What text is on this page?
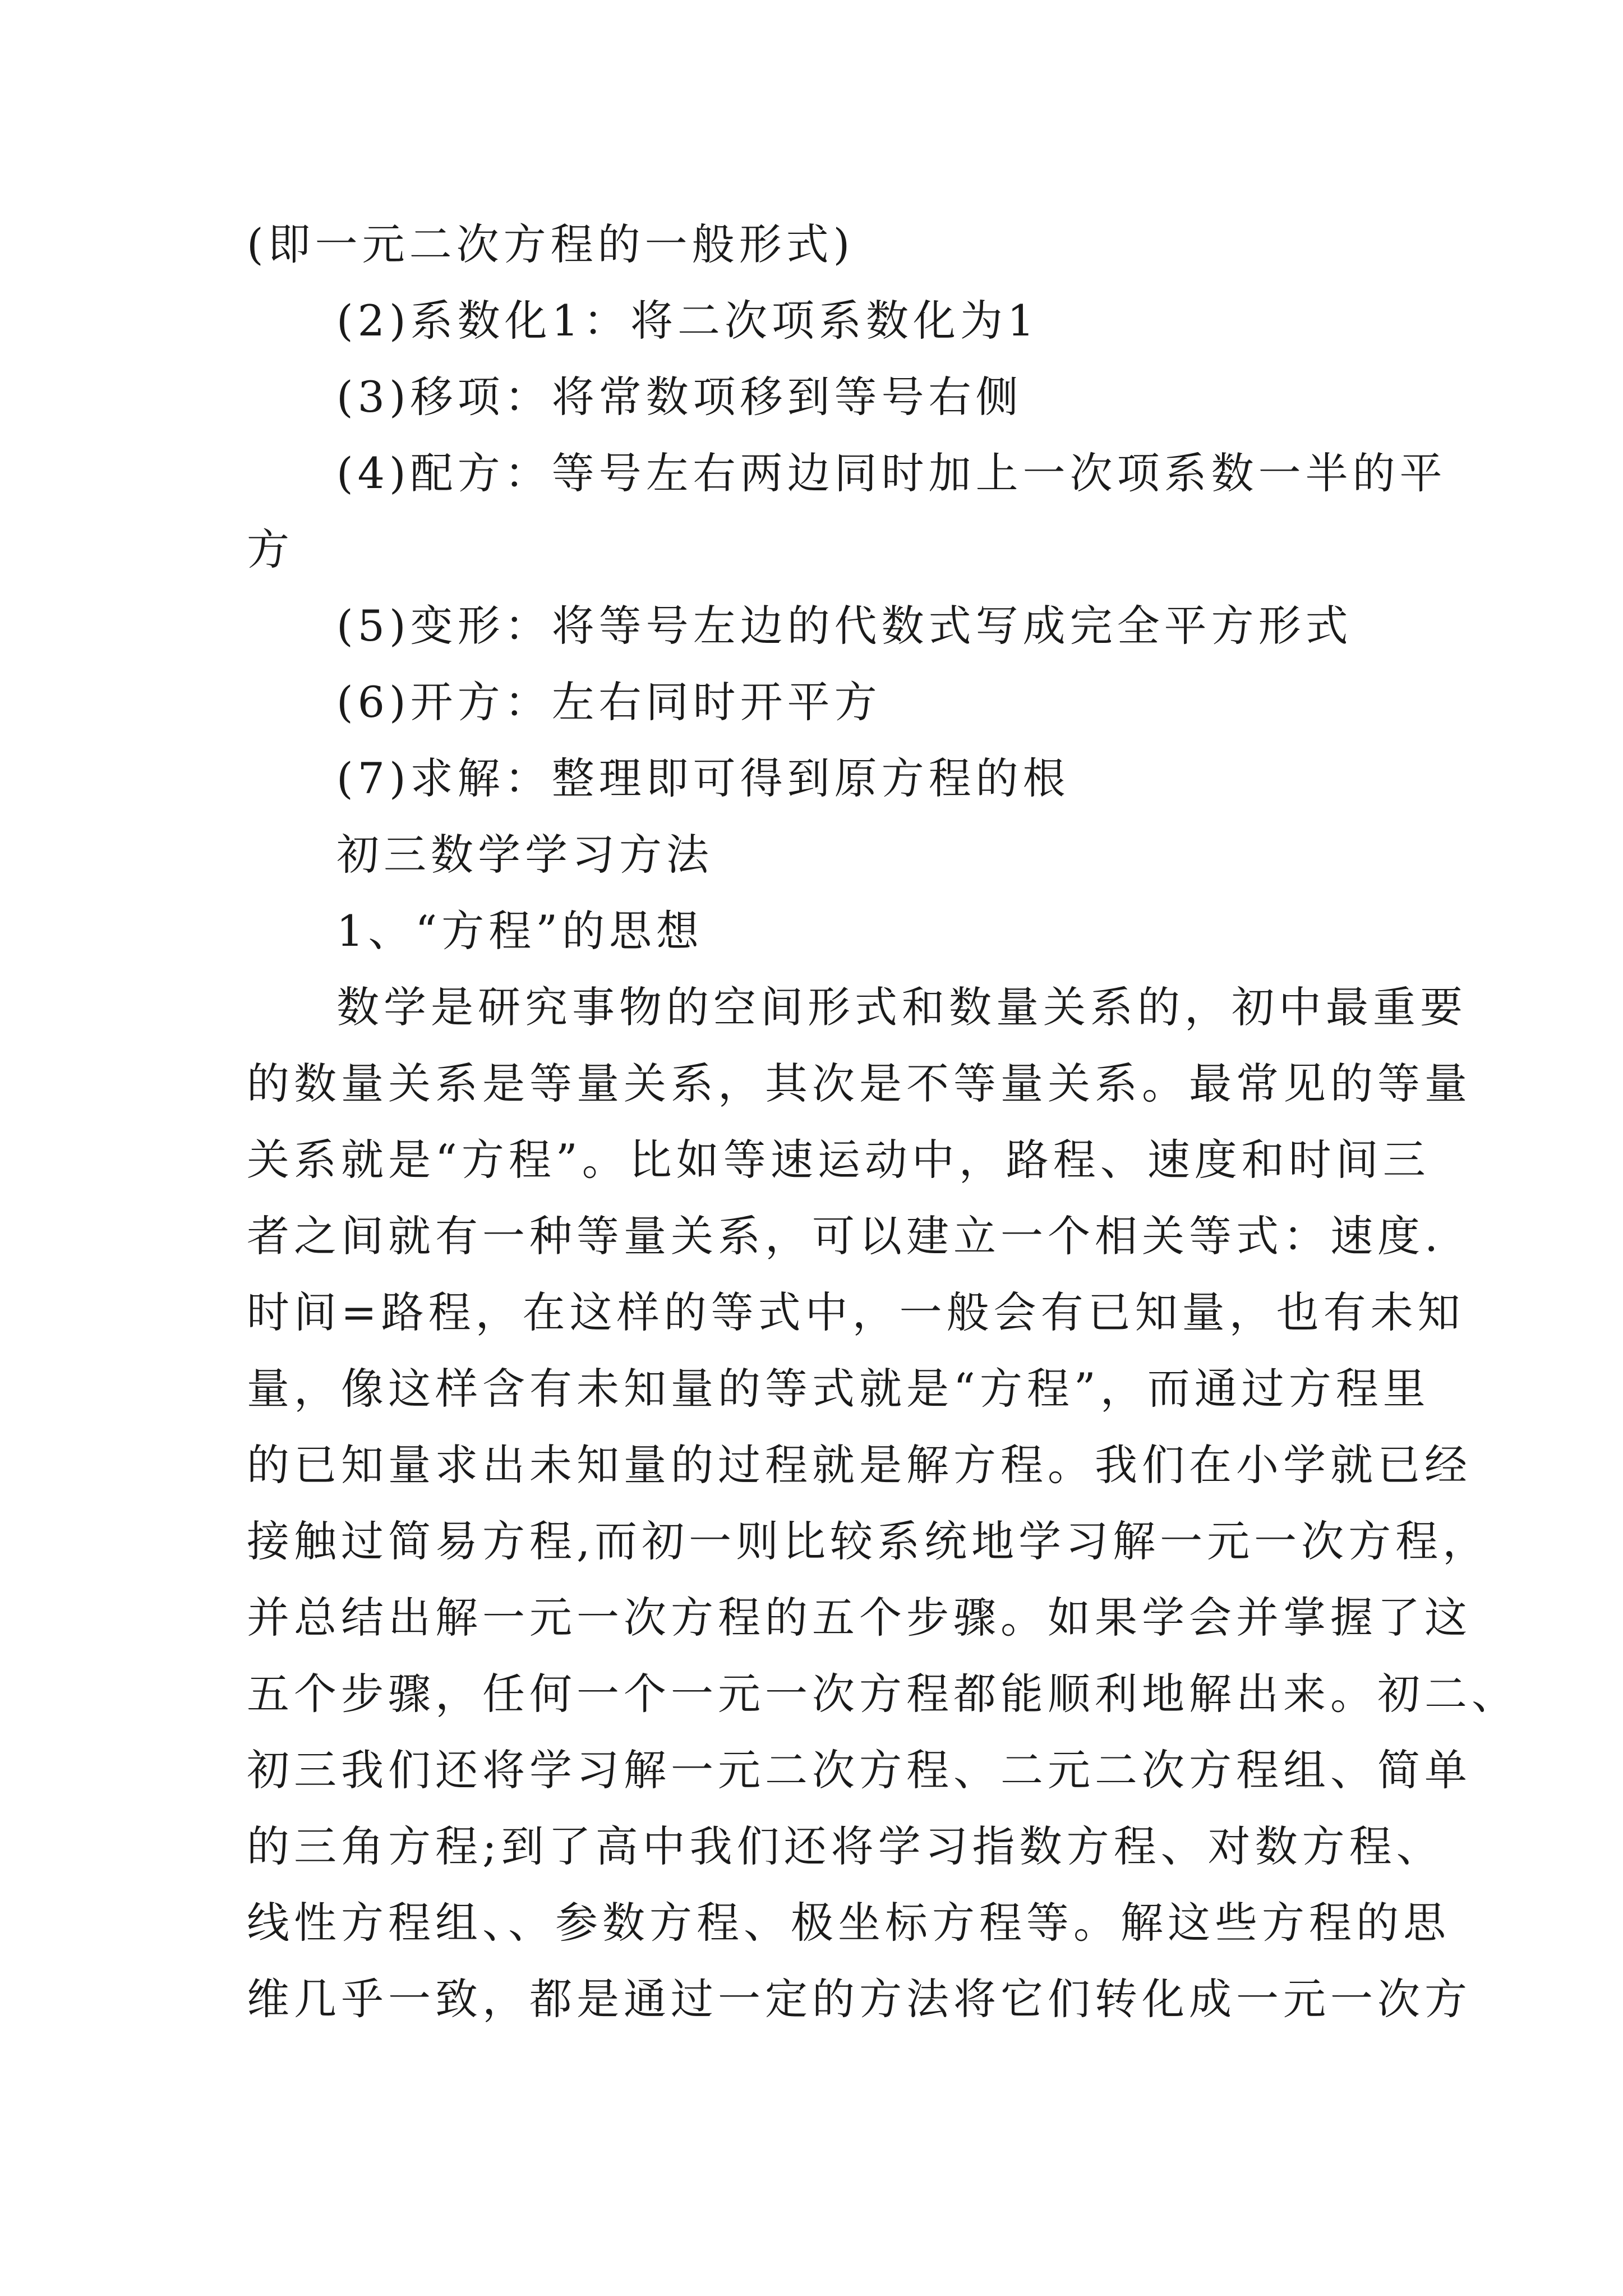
(即一元二次方程的一般形式)
(2)系数化1：将二次项系数化为1
(3)移项：将常数项移到等号右侧
(4)配方：等号左右两边同时加上一次项系数一半的平
方
(5)变形：将等号左边的代数式写成完全平方形式
(6)开方：左右同时开平方
(7)求解：整理即可得到原方程的根
初三数学学习方法
1、“方程”的思想
数学是研究事物的空间形式和数量关系的，初中最重要
的数量关系是等量关系，其次是不等量关系。最常见的等量
关系就是“方程”。比如等速运动中，路程、速度和时间三
者之间就有一种等量关系，可以建立一个相关等式：速度.
时间=路程，在这样的等式中，一般会有已知量，也有未知
量，像这样含有未知量的等式就是“方程”，而通过方程里
的已知量求出未知量的过程就是解方程。我们在小学就已经
接触过简易方程,而初一则比较系统地学习解一元一次方程，
并总结出解一元一次方程的五个步骤。如果学会并掌握了这
五个步骤，任何一个一元一次方程都能顺利地解出来。初二、
初三我们还将学习解一元二次方程、二元二次方程组、简单
的三角方程;到了高中我们还将学习指数方程、对数方程、
线性方程组、、参数方程、极坐标方程等。解这些方程的思
维几乎一致，都是通过一定的方法将它们转化成一元一次方
